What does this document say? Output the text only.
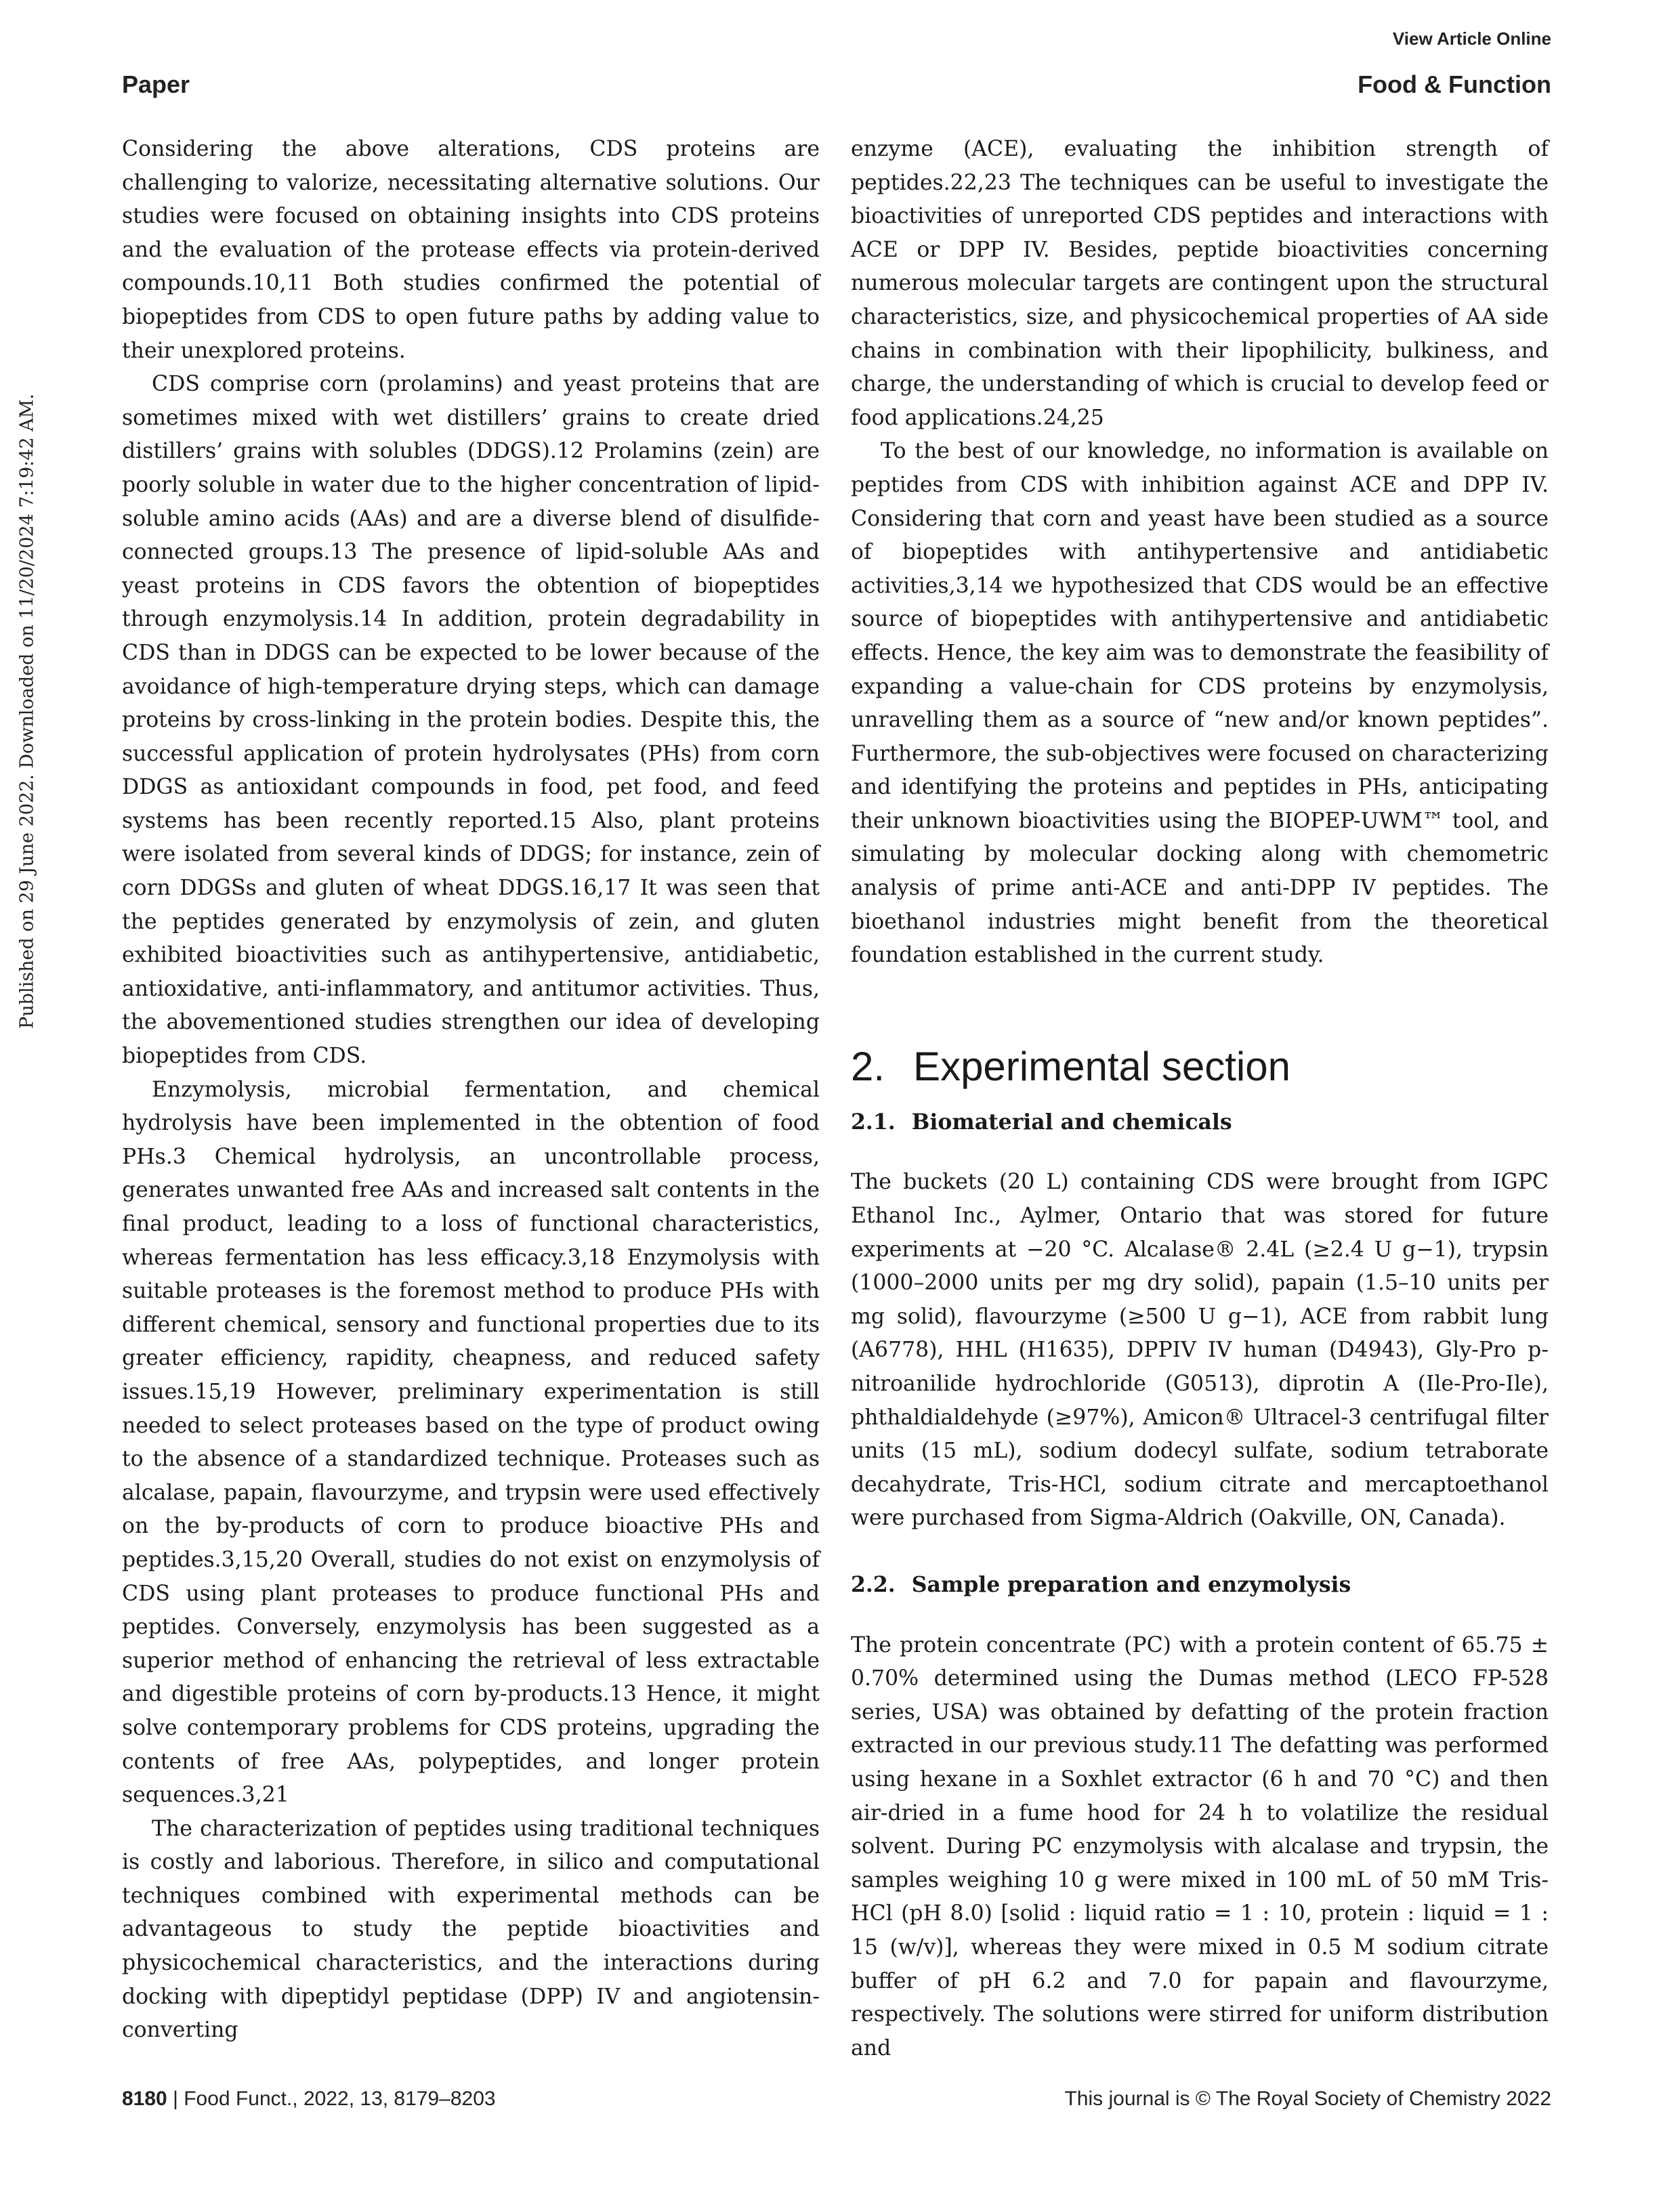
View Article Online
Paper	Food & Function
Published on 29 June 2022. Downloaded on 11/20/2024 7:19:42 AM.

Considering the above alterations, CDS proteins are challenging to valorize, necessitating alternative solutions. Our studies were focused on obtaining insights into CDS proteins and the evaluation of the protease effects via protein-derived compounds.10,11 Both studies confirmed the potential of biopeptides from CDS to open future paths by adding value to their unexplored proteins.

CDS comprise corn (prolamins) and yeast proteins that are sometimes mixed with wet distillers’ grains to create dried distillers’ grains with solubles (DDGS).12 Prolamins (zein) are poorly soluble in water due to the higher concentration of lipid-soluble amino acids (AAs) and are a diverse blend of disulfide-connected groups.13 The presence of lipid-soluble AAs and yeast proteins in CDS favors the obtention of biopeptides through enzymolysis.14 In addition, protein degradability in CDS than in DDGS can be expected to be lower because of the avoidance of high-temperature drying steps, which can damage proteins by cross-linking in the protein bodies. Despite this, the successful application of protein hydrolysates (PHs) from corn DDGS as antioxidant compounds in food, pet food, and feed systems has been recently reported.15 Also, plant proteins were isolated from several kinds of DDGS; for instance, zein of corn DDGSs and gluten of wheat DDGS.16,17 It was seen that the peptides generated by enzymolysis of zein, and gluten exhibited bioactivities such as antihypertensive, antidiabetic, antioxidative, anti-inflammatory, and antitumor activities. Thus, the abovementioned studies strengthen our idea of developing biopeptides from CDS.

Enzymolysis, microbial fermentation, and chemical hydrolysis have been implemented in the obtention of food PHs.3 Chemical hydrolysis, an uncontrollable process, generates unwanted free AAs and increased salt contents in the final product, leading to a loss of functional characteristics, whereas fermentation has less efficacy.3,18 Enzymolysis with suitable proteases is the foremost method to produce PHs with different chemical, sensory and functional properties due to its greater efficiency, rapidity, cheapness, and reduced safety issues.15,19 However, preliminary experimentation is still needed to select proteases based on the type of product owing to the absence of a standardized technique. Proteases such as alcalase, papain, flavourzyme, and trypsin were used effectively on the by-products of corn to produce bioactive PHs and peptides.3,15,20 Overall, studies do not exist on enzymolysis of CDS using plant proteases to produce functional PHs and peptides. Conversely, enzymolysis has been suggested as a superior method of enhancing the retrieval of less extractable and digestible proteins of corn by-products.13 Hence, it might solve contemporary problems for CDS proteins, upgrading the contents of free AAs, polypeptides, and longer protein sequences.3,21

The characterization of peptides using traditional techniques is costly and laborious. Therefore, in silico and computational techniques combined with experimental methods can be advantageous to study the peptide bioactivities and physicochemical characteristics, and the interactions during docking with dipeptidyl peptidase (DPP) IV and angiotensin-converting

enzyme (ACE), evaluating the inhibition strength of peptides.22,23 The techniques can be useful to investigate the bioactivities of unreported CDS peptides and interactions with ACE or DPP IV. Besides, peptide bioactivities concerning numerous molecular targets are contingent upon the structural characteristics, size, and physicochemical properties of AA side chains in combination with their lipophilicity, bulkiness, and charge, the understanding of which is crucial to develop feed or food applications.24,25

To the best of our knowledge, no information is available on peptides from CDS with inhibition against ACE and DPP IV. Considering that corn and yeast have been studied as a source of biopeptides with antihypertensive and antidiabetic activities,3,14 we hypothesized that CDS would be an effective source of biopeptides with antihypertensive and antidiabetic effects. Hence, the key aim was to demonstrate the feasibility of expanding a value-chain for CDS proteins by enzymolysis, unravelling them as a source of “new and/or known peptides”. Furthermore, the sub-objectives were focused on characterizing and identifying the proteins and peptides in PHs, anticipating their unknown bioactivities using the BIOPEP-UWM™ tool, and simulating by molecular docking along with chemometric analysis of prime anti-ACE and anti-DPP IV peptides. The bioethanol industries might benefit from the theoretical foundation established in the current study.

2. Experimental section
2.1. Biomaterial and chemicals

The buckets (20 L) containing CDS were brought from IGPC Ethanol Inc., Aylmer, Ontario that was stored for future experiments at −20 °C. Alcalase® 2.4L (≥2.4 U g−1), trypsin (1000–2000 units per mg dry solid), papain (1.5–10 units per mg solid), flavourzyme (≥500 U g−1), ACE from rabbit lung (A6778), HHL (H1635), DPPIV IV human (D4943), Gly-Pro p-nitroanilide hydrochloride (G0513), diprotin A (Ile-Pro-Ile), phthaldialdehyde (≥97%), Amicon® Ultracel-3 centrifugal filter units (15 mL), sodium dodecyl sulfate, sodium tetraborate decahydrate, Tris-HCl, sodium citrate and mercaptoethanol were purchased from Sigma-Aldrich (Oakville, ON, Canada).

2.2. Sample preparation and enzymolysis

The protein concentrate (PC) with a protein content of 65.75 ± 0.70% determined using the Dumas method (LECO FP-528 series, USA) was obtained by defatting of the protein fraction extracted in our previous study.11 The defatting was performed using hexane in a Soxhlet extractor (6 h and 70 °C) and then air-dried in a fume hood for 24 h to volatilize the residual solvent. During PC enzymolysis with alcalase and trypsin, the samples weighing 10 g were mixed in 100 mL of 50 mM Tris-HCl (pH 8.0) [solid : liquid ratio = 1 : 10, protein : liquid = 1 : 15 (w/v)], whereas they were mixed in 0.5 M sodium citrate buffer of pH 6.2 and 7.0 for papain and flavourzyme, respectively. The solutions were stirred for uniform distribution and

8180 | Food Funct., 2022, 13, 8179–8203	This journal is © The Royal Society of Chemistry 2022
